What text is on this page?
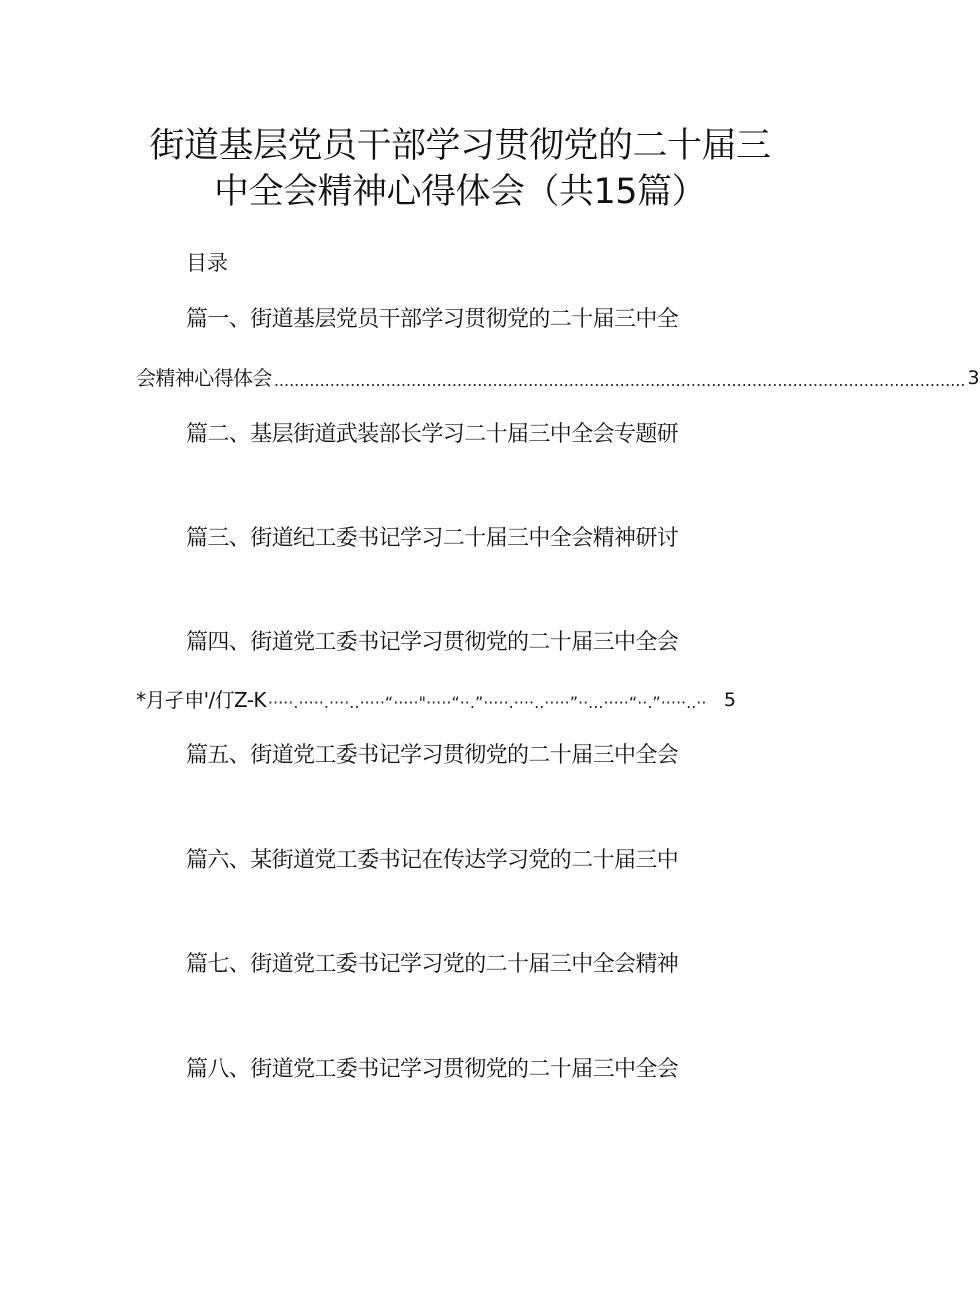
街道基层党员干部学习贯彻党的二十届三
中全会精神心得体会（共15篇）
目录
篇一、街道基层党员干部学习贯彻党的二十届三中全
会精神心得体会 ........................................................................................................................................ 3
篇二、基层街道武装部长学习二十届三中全会专题研
篇三、街道纪工委书记学习二十届三中全会精神研讨
篇四、街道党工委书记学习贯彻党的二十届三中全会
*月孑申'/仃Z-K ·····.·····.····..·····“·····"·····“··.”·····.····..·····”··...·····“··.”·····..·· 5
篇五、街道党工委书记学习贯彻党的二十届三中全会
篇六、某街道党工委书记在传达学习党的二十届三中
篇七、街道党工委书记学习党的二十届三中全会精神
篇八、街道党工委书记学习贯彻党的二十届三中全会
